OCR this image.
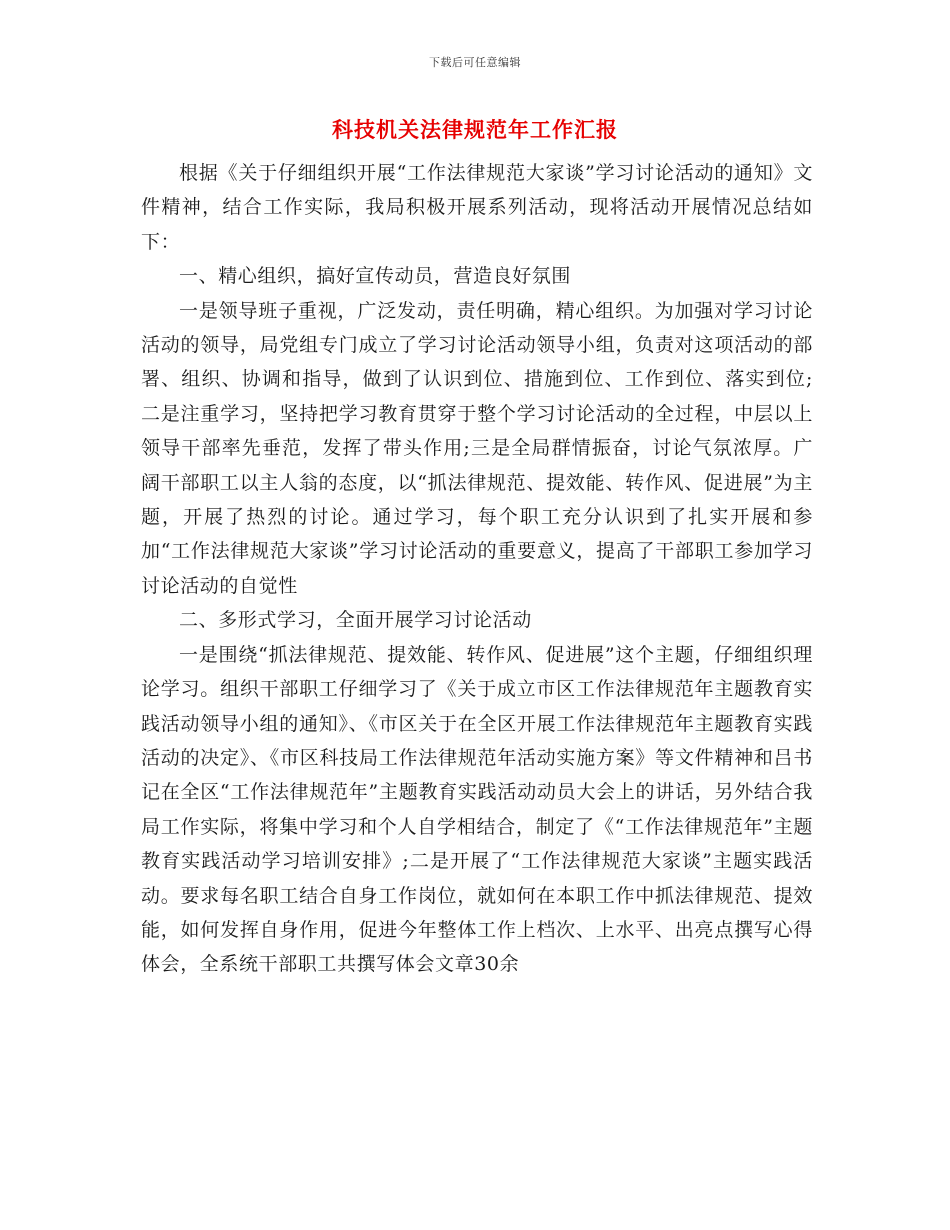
下载后可任意编辑
科技机关法律规范年工作汇报

根据《关于仔细组织开展“工作法律规范大家谈”学习讨论活动的通知》文件精神，结合工作实际，我局积极开展系列活动，现将活动开展情况总结如下：

一、精心组织，搞好宣传动员，营造良好氛围

一是领导班子重视，广泛发动，责任明确，精心组织。为加强对学习讨论活动的领导，局党组专门成立了学习讨论活动领导小组，负责对这项活动的部署、组织、协调和指导，做到了认识到位、措施到位、工作到位、落实到位;二是注重学习，坚持把学习教育贯穿于整个学习讨论活动的全过程，中层以上领导干部率先垂范，发挥了带头作用;三是全局群情振奋，讨论气氛浓厚。广阔干部职工以主人翁的态度，以“抓法律规范、提效能、转作风、促进展”为主题，开展了热烈的讨论。通过学习，每个职工充分认识到了扎实开展和参加“工作法律规范大家谈”学习讨论活动的重要意义，提高了干部职工参加学习讨论活动的自觉性

二、多形式学习，全面开展学习讨论活动

一是围绕“抓法律规范、提效能、转作风、促进展”这个主题，仔细组织理论学习。组织干部职工仔细学习了《关于成立市区工作法律规范年主题教育实践活动领导小组的通知》、《市区关于在全区开展工作法律规范年主题教育实践活动的决定》、《市区科技局工作法律规范年活动实施方案》等文件精神和吕书记在全区“工作法律规范年”主题教育实践活动动员大会上的讲话，另外结合我局工作实际，将集中学习和个人自学相结合，制定了《“工作法律规范年”主题教育实践活动学习培训安排》;二是开展了“工作法律规范大家谈”主题实践活动。要求每名职工结合自身工作岗位，就如何在本职工作中抓法律规范、提效能，如何发挥自身作用，促进今年整体工作上档次、上水平、出亮点撰写心得体会，全系统干部职工共撰写体会文章30余
